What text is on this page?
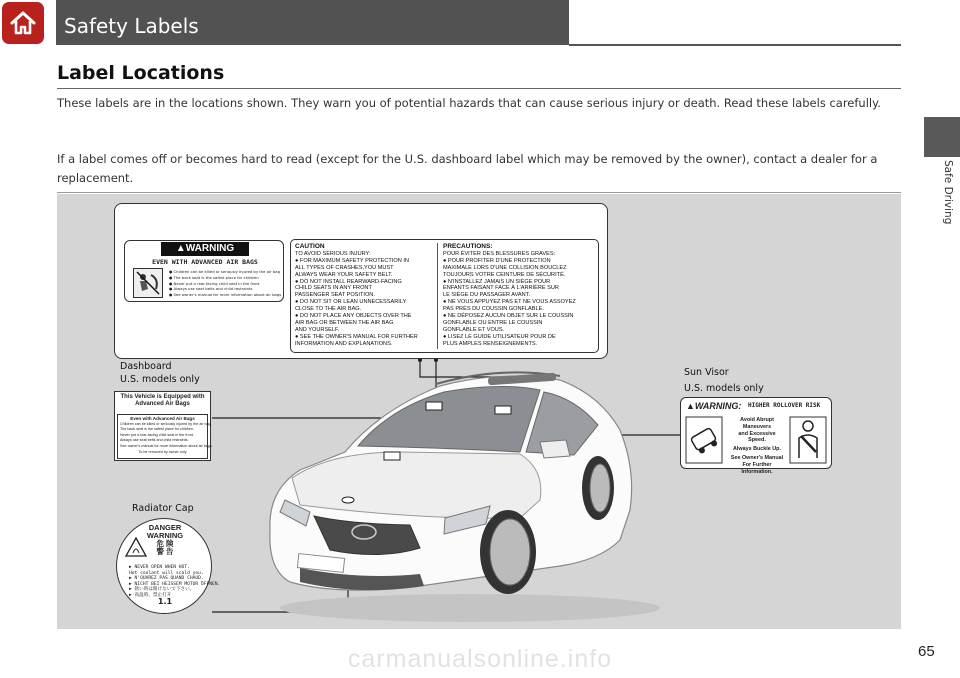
Safety Labels
Safe Driving
Label Locations

These labels are in the locations shown. They warn you of potential hazards that can cause serious injury or death. Read these labels carefully.

If a label comes off or becomes hard to read (except for the U.S. dashboard label which may be removed by the owner), contact a dealer for a replacement.

Dashboard
U.S. models only
Sun Visor
U.S. models only
Radiator Cap
▲WARNING
EVEN WITH ADVANCED AIR BAGS
● Children can be killed or seriously injured by the air bag
● The back seat is the safest place for children
● Never put a rear-facing child seat in the front
● Always use seat belts and child restraints
● See owner's manual for more information about air bags
CAUTION
TO AVOID SERIOUS INJURY:
● FOR MAXIMUM SAFETY PROTECTION IN
ALL TYPES OF CRASHES,YOU MUST
ALWAYS WEAR YOUR SAFETY BELT.
● DO NOT INSTALL REARWARD-FACING
CHILD SEATS IN ANY FRONT
PASSENGER SEAT POSITION.
● DO NOT SIT OR LEAN UNNECESSARILY
CLOSE TO THE AIR BAG.
● DO NOT PLACE ANY OBJECTS OVER THE
AIR BAG OR BETWEEN THE AIR BAG
AND YOURSELF.
● SEE THE OWNER'S MANUAL FOR FURTHER
INFORMATION AND EXPLANATIONS.
PRECAUTIONS:
POUR ÉVITER DES BLESSURES GRAVES:
● POUR PROFITER D'UNE PROTECTION
MAXIMALE LORS D'UNE COLLISION BOUCLEZ
TOUJOURS VOTRE CEINTURE DE SÉCURITÉ.
● N'INSTALLEZ JAMAIS UN SIÈGE POUR
ENFANTS FAISANT FACE À L'ARRIÈRE SUR
LE SIÈGE DU PASSAGER AVANT.
● NE VOUS APPUYEZ PAS ET NE VOUS ASSOYEZ
PAS PRÈS DU COUSSIN GONFLABLE.
● NE DÉPOSEZ AUCUN OBJET SUR LE COUSSIN
GONFLABLE OU ENTRE LE COUSSIN
GONFLABLE ET VOUS.
● LISEZ LE GUIDE UTILISATEUR POUR DE
PLUS AMPLES RENSEIGNEMENTS.
This Vehicle is Equipped with Advanced Air Bags
Even with Advanced Air Bags
Children can be killed or seriously injured by the air bag.
The back seat is the safest place for children.
Never put a rear-facing child seat in the front.
Always use seat belts and child restraints.
See owner's manual for more information about air bags.
To be removed by owner only
▲WARNING: HIGHER ROLLOVER RISK
Avoid Abrupt Maneuvers
and Excessive Speed.
Always Buckle Up.
See Owner's Manual
For Further Information.
DANGER
WARNING
危 険
警 告
▶ NEVER OPEN WHEN HOT.
Hot coolant will scald you.
▶ N'OUVREZ PAS QUAND CHAUD.
▶ NICHT BEI HEISSEM MOTOR ÖFFNEN.
▶ 熱い時は開けないで下さい。
▶ 高温時、禁止打开
1.1
65
carmanualsonline.info
